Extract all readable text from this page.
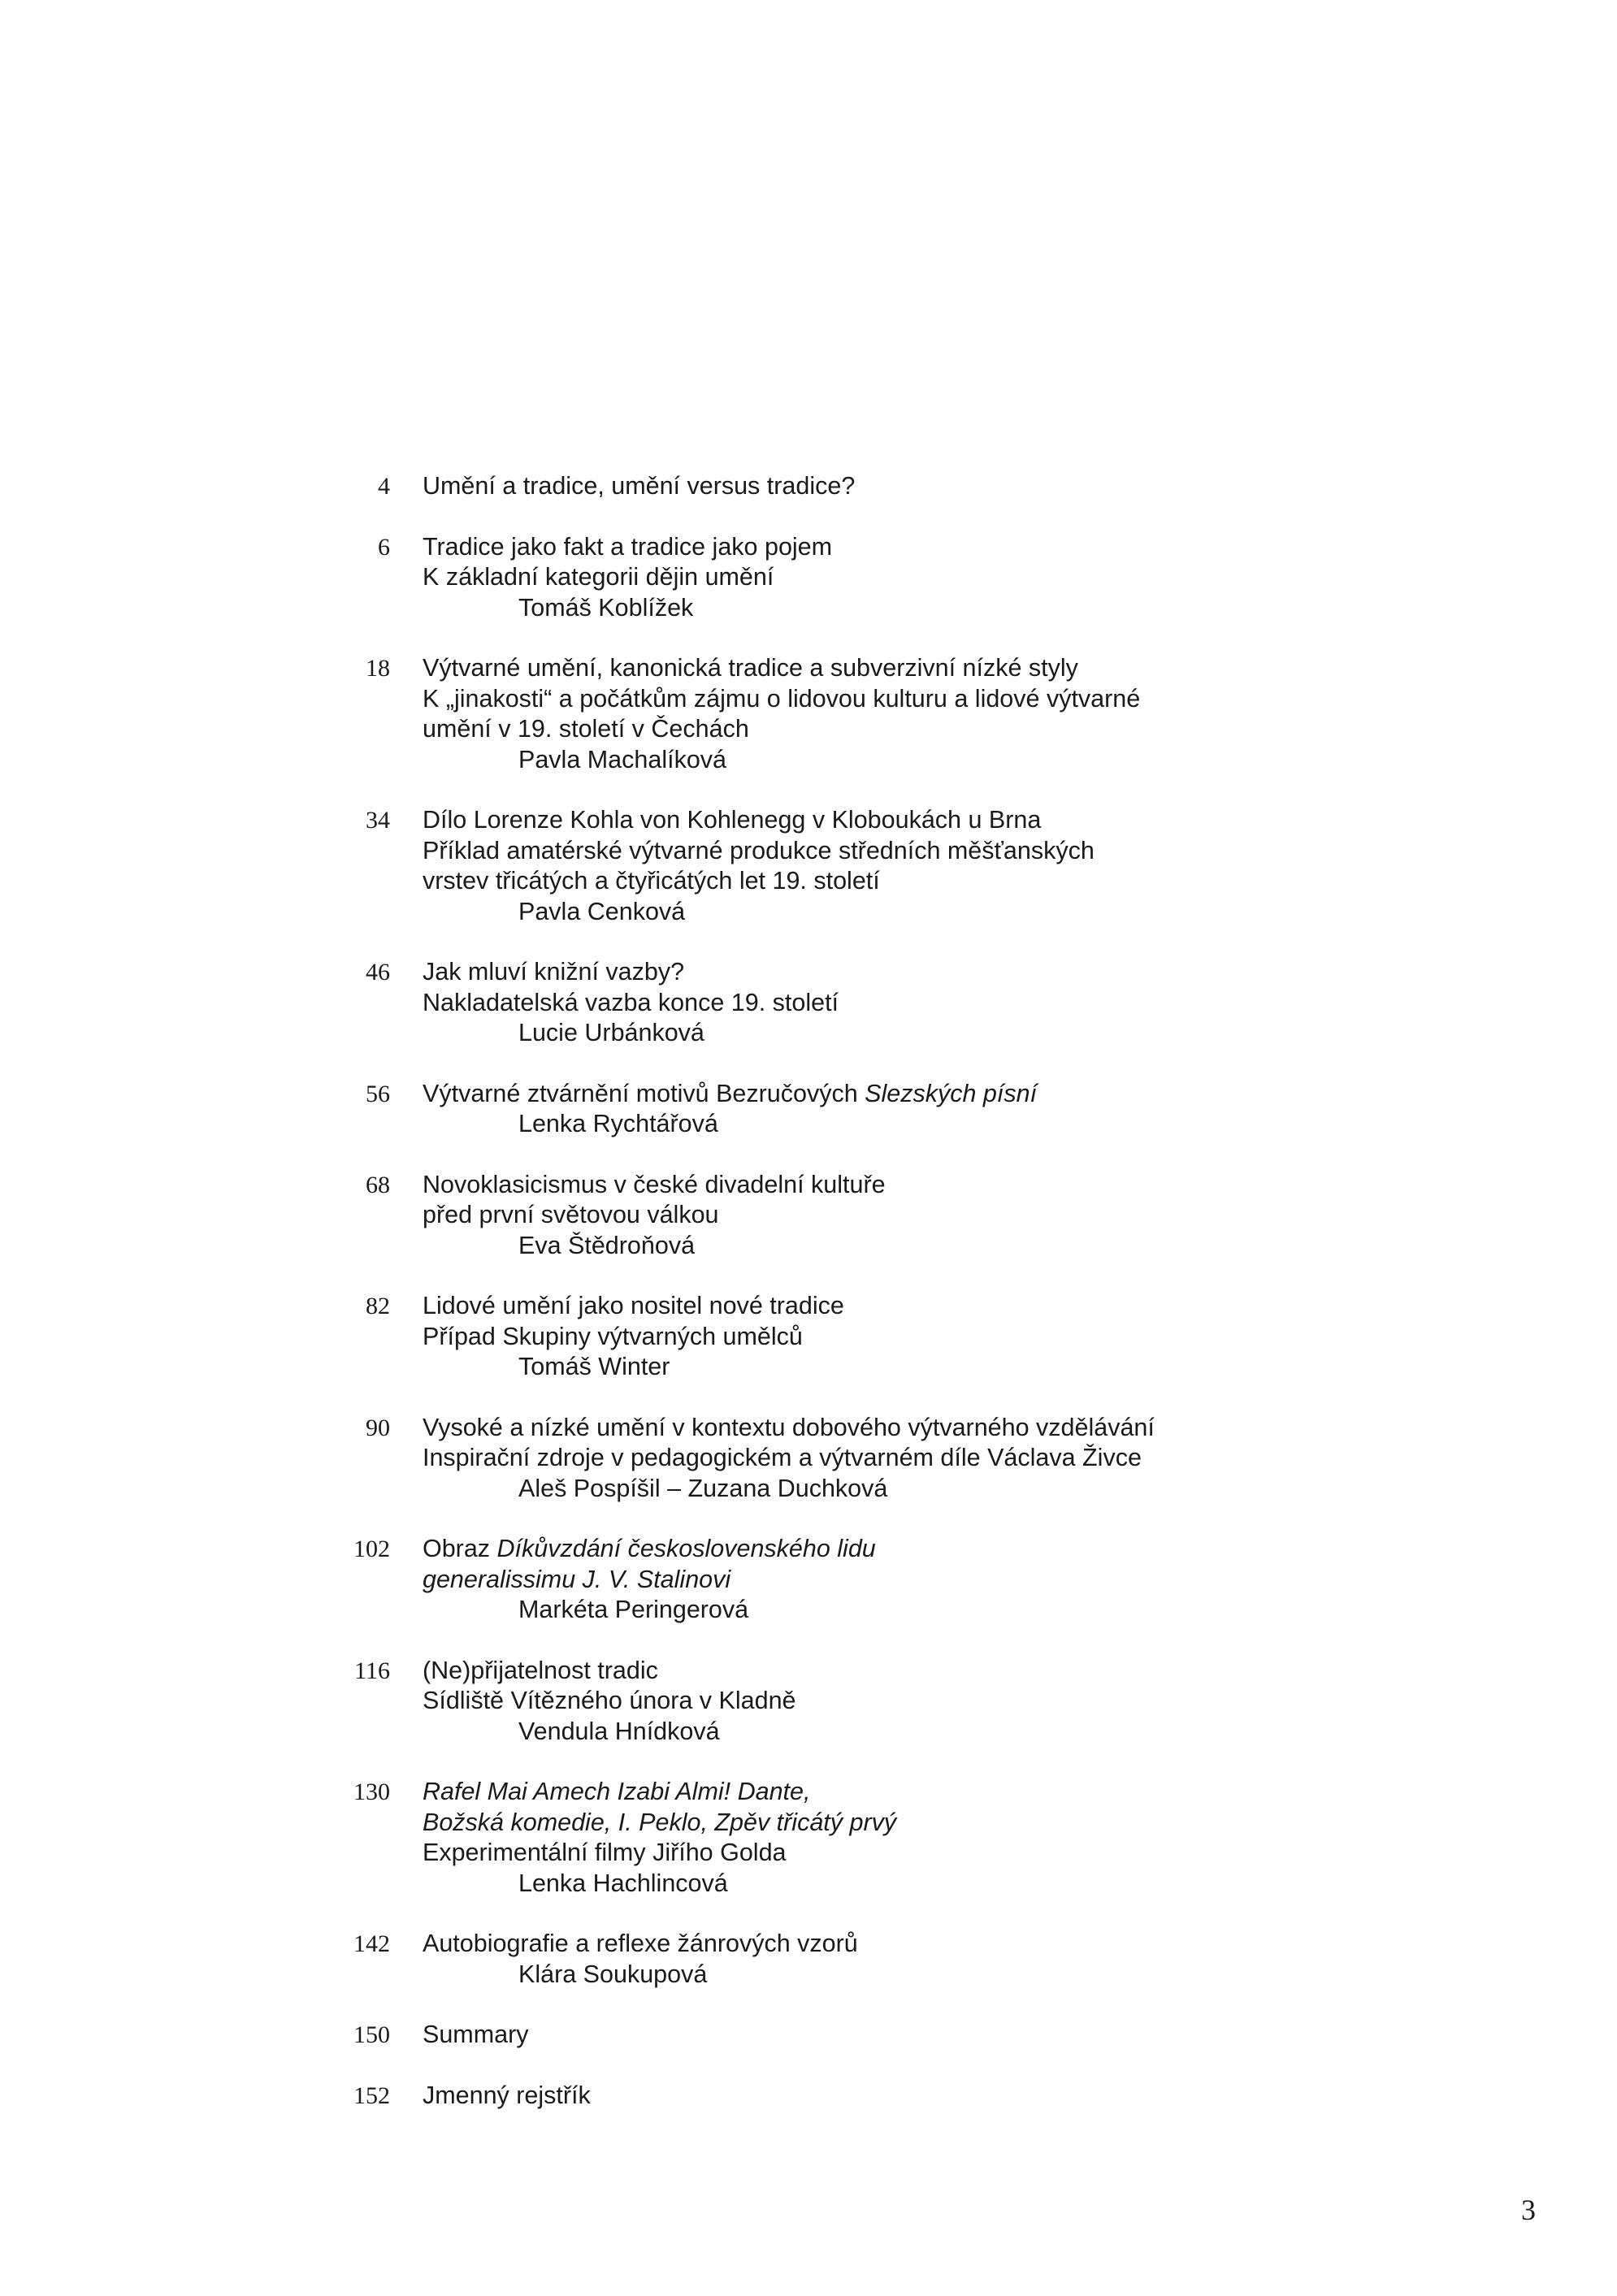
4 Umění a tradice, umění versus tradice?
6 Tradice jako fakt a tradice jako pojem
K základní kategorii dějin umění
Tomáš Koblížek
18 Výtvarné umění, kanonická tradice a subverzivní nízké styly
K „jinakosti“ a počátkům zájmu o lidovou kulturu a lidové výtvarné
umění v 19. století v Čechách
Pavla Machalíková
34 Dílo Lorenze Kohla von Kohlenegg v Kloboukách u Brna
Příklad amatérské výtvarné produkce středních měšťanských
vrstev třicátých a čtyřicátých let 19. století
Pavla Cenková
46 Jak mluví knižní vazby?
Nakladatelská vazba konce 19. století
Lucie Urbánková
56 Výtvarné ztvárnění motivů Bezručových Slezských písní
Lenka Rychtářová
68 Novoklasicismus v české divadelní kultuře
před první světovou válkou
Eva Štědroňová
82 Lidové umění jako nositel nové tradice
Případ Skupiny výtvarných umělců
Tomáš Winter
90 Vysoké a nízké umění v kontextu dobového výtvarného vzdělávání
Inspirační zdroje v pedagogickém a výtvarném díle Václava Živce
Aleš Pospíšil – Zuzana Duchková
102 Obraz Díkůvzdání československého lidu
generalissimu J. V. Stalinovi
Markéta Peringerová
116 (Ne)přijatelnost tradic
Sídliště Vítězného února v Kladně
Vendula Hnídková
130 Rafel Mai Amech Izabi Almi! Dante,
Božská komedie, I. Peklo, Zpěv třicátý prvý
Experimentální filmy Jiřího Golda
Lenka Hachlincová
142 Autobiografie a reflexe žánrových vzorů
Klára Soukupová
150 Summary
152 Jmenný rejstřík
3
